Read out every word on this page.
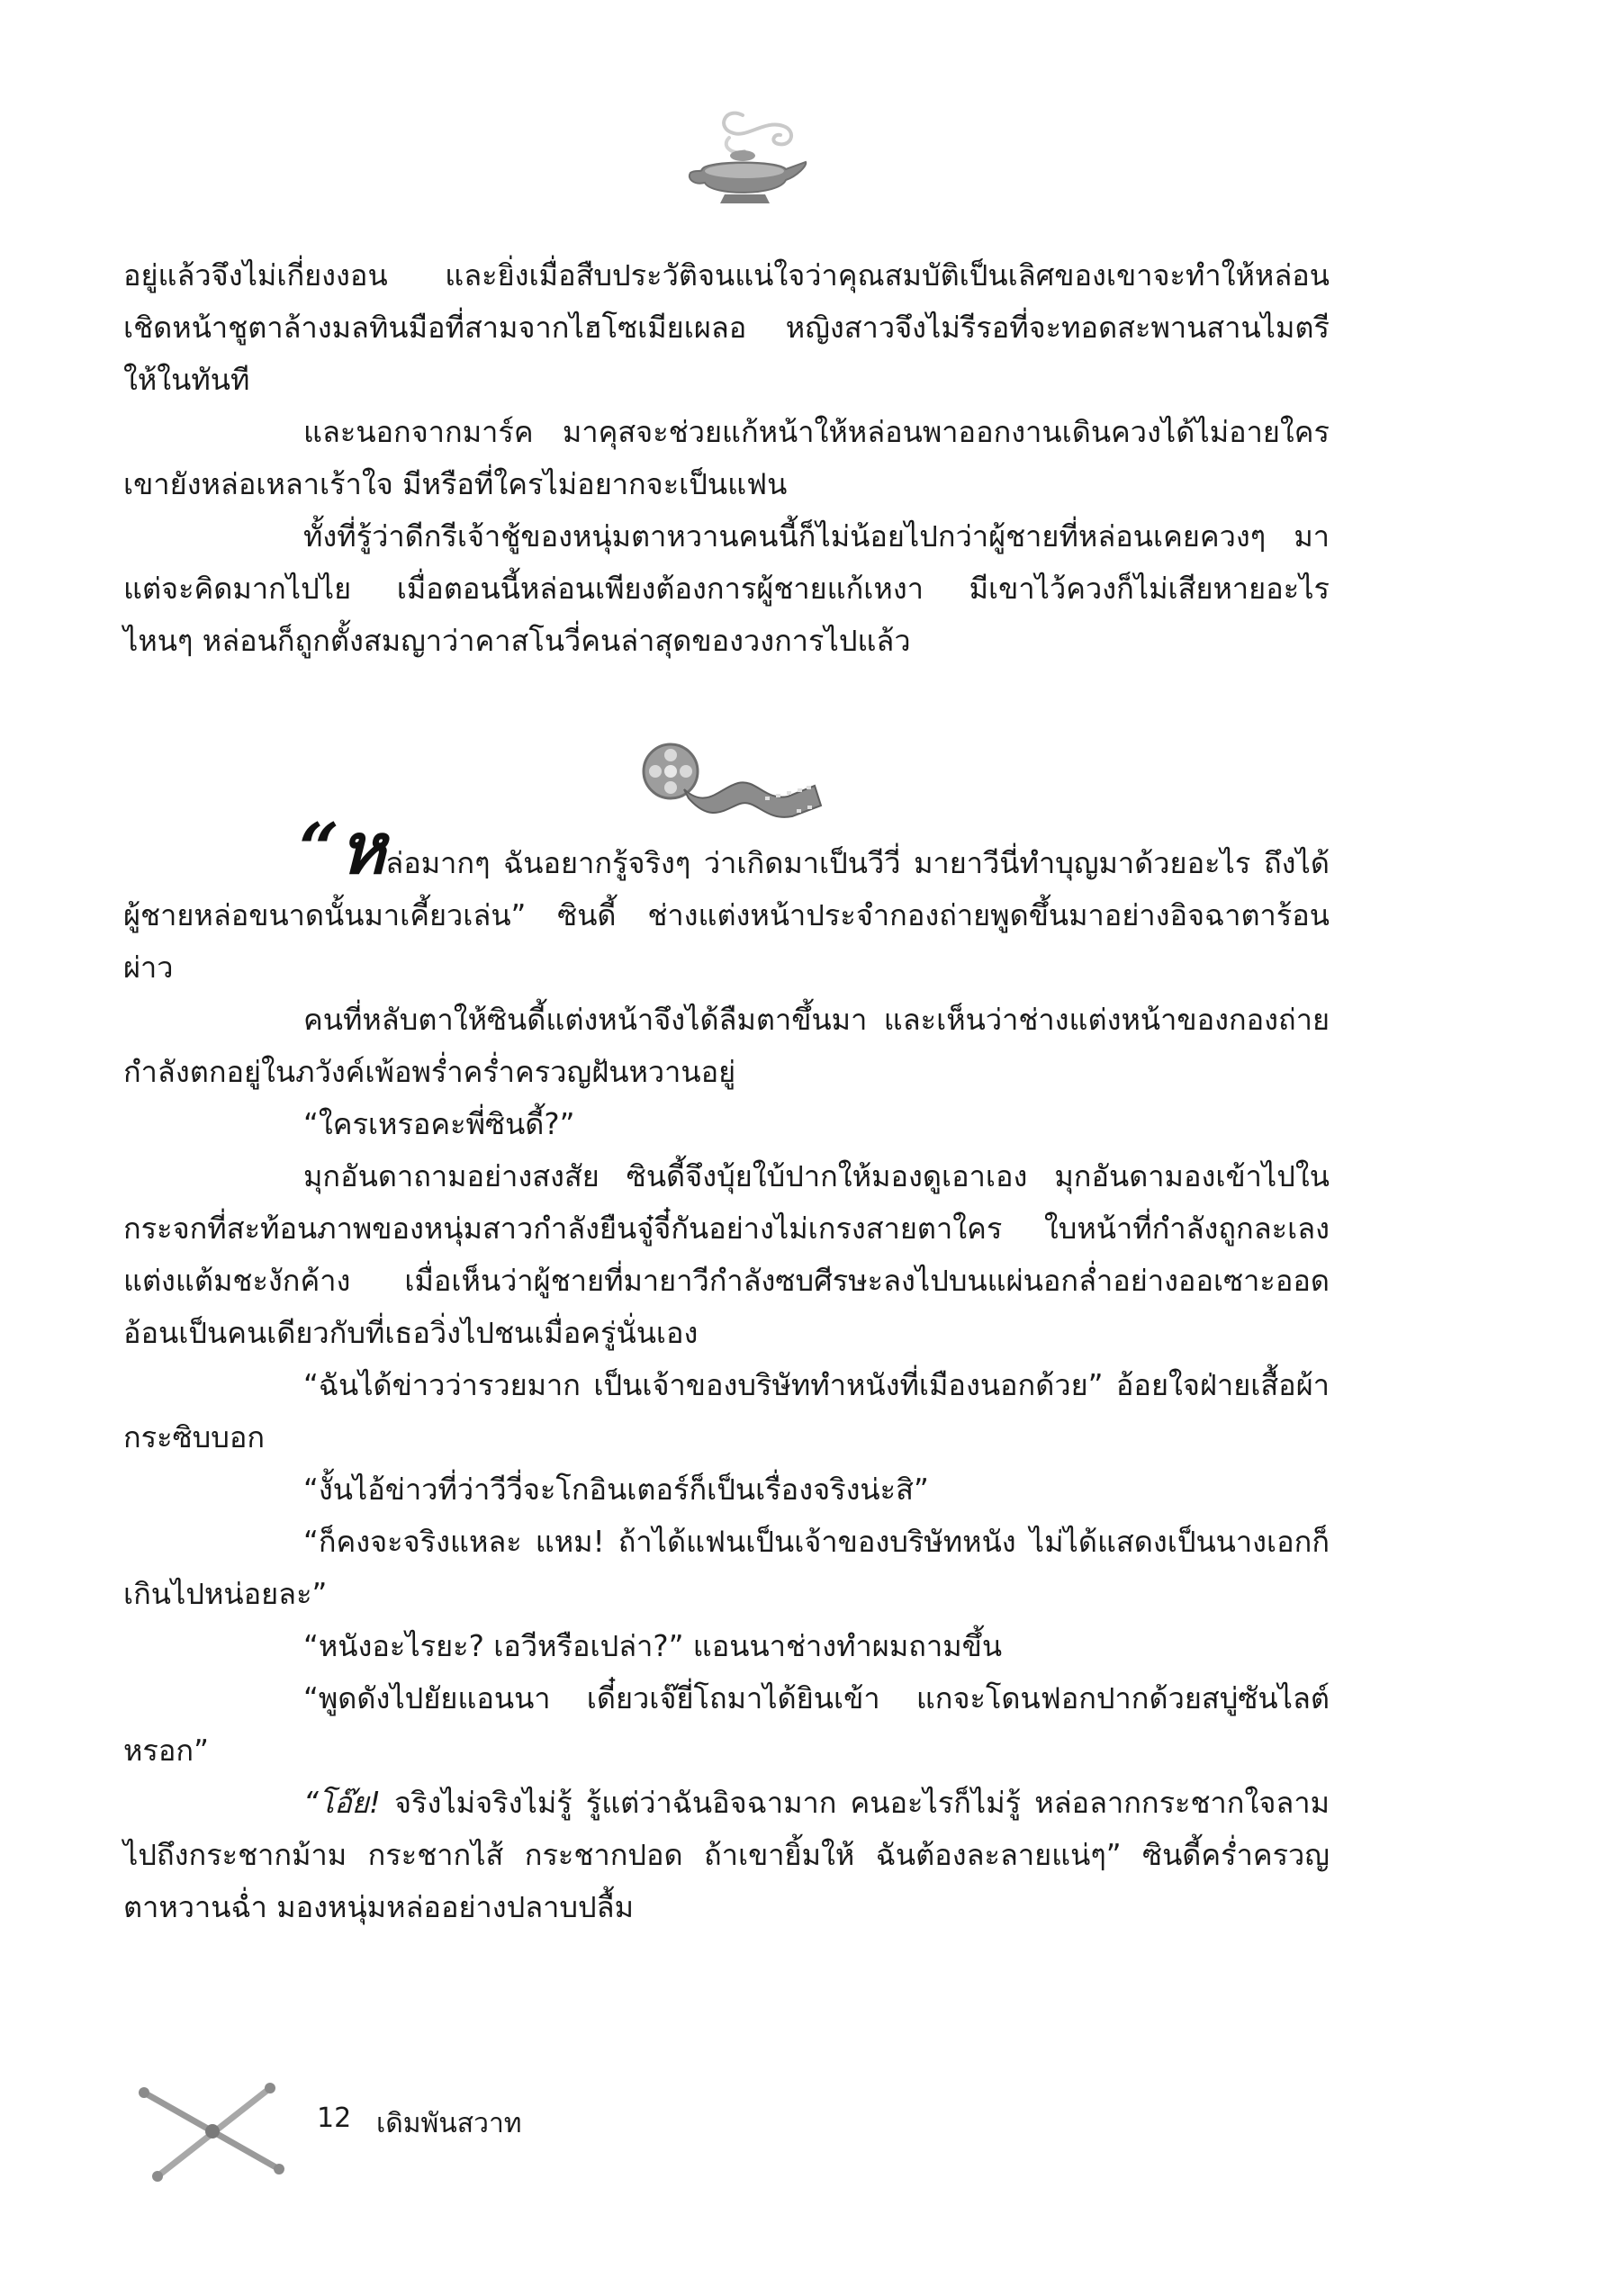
อยู่แล้วจึงไม่เกี่ยงงอน และยิ่งเมื่อสืบประวัติจนแน่ใจว่าคุณสมบัติเป็นเลิศของเขาจะทำให้หล่อนเชิดหน้าชูตาล้างมลทินมือที่สามจากไฮโซเมียเผลอ หญิงสาวจึงไม่รีรอที่จะทอดสะพานสานไมตรีให้ในทันที

และนอกจากมาร์ค มาคุสจะช่วยแก้หน้าให้หล่อนพาออกงานเดินควงได้ไม่อายใคร เขายังหล่อเหลาเร้าใจ มีหรือที่ใครไม่อยากจะเป็นแฟน

ทั้งที่รู้ว่าดีกรีเจ้าชู้ของหนุ่มตาหวานคนนี้ก็ไม่น้อยไปกว่าผู้ชายที่หล่อนเคยควงๆ มา แต่จะคิดมากไปไย เมื่อตอนนี้หล่อนเพียงต้องการผู้ชายแก้เหงา มีเขาไว้ควงก็ไม่เสียหายอะไร ไหนๆ หล่อนก็ถูกตั้งสมญาว่าคาสโนวี่คนล่าสุดของวงการไปแล้ว

“หล่อมากๆ ฉันอยากรู้จริงๆ ว่าเกิดมาเป็นวีวี่ มายาวีนี่ทำบุญมาด้วยอะไร ถึงได้ผู้ชายหล่อขนาดนั้นมาเคี้ยวเล่น” ซินดี้ ช่างแต่งหน้าประจำกองถ่ายพูดขึ้นมาอย่างอิจฉาตาร้อนผ่าว

คนที่หลับตาให้ซินดี้แต่งหน้าจึงได้ลืมตาขึ้นมา และเห็นว่าช่างแต่งหน้าของกองถ่ายกำลังตกอยู่ในภวังค์เพ้อพร่ำคร่ำครวญฝันหวานอยู่

“ใครเหรอคะพี่ซินดี้?”

มุกอันดาถามอย่างสงสัย ซินดี้จึงบุ้ยใบ้ปากให้มองดูเอาเอง มุกอันดามองเข้าไปในกระจกที่สะท้อนภาพของหนุ่มสาวกำลังยืนจู๋จี๋กันอย่างไม่เกรงสายตาใคร ใบหน้าที่กำลังถูกละเลงแต่งแต้มชะงักค้าง เมื่อเห็นว่าผู้ชายที่มายาวีกำลังซบศีรษะลงไปบนแผ่นอกล่ำอย่างออเซาะออดอ้อนเป็นคนเดียวกับที่เธอวิ่งไปชนเมื่อครู่นั่นเอง

“ฉันได้ข่าวว่ารวยมาก เป็นเจ้าของบริษัททำหนังที่เมืองนอกด้วย” อ้อยใจฝ่ายเสื้อผ้ากระซิบบอก

“งั้นไอ้ข่าวที่ว่าวีวี่จะโกอินเตอร์ก็เป็นเรื่องจริงน่ะสิ”

“ก็คงจะจริงแหละ แหม! ถ้าได้แฟนเป็นเจ้าของบริษัทหนัง ไม่ได้แสดงเป็นนางเอกก็เกินไปหน่อยละ”

“หนังอะไรยะ? เอวีหรือเปล่า?” แอนนาช่างทำผมถามขึ้น

“พูดดังไปยัยแอนนา เดี๋ยวเจ๊ยี่โถมาได้ยินเข้า แกจะโดนฟอกปากด้วยสบู่ซันไลต์หรอก”

“โอ๊ย! จริงไม่จริงไม่รู้ รู้แต่ว่าฉันอิจฉามาก คนอะไรก็ไม่รู้ หล่อลากกระชากใจลามไปถึงกระชากม้าม กระชากไส้ กระชากปอด ถ้าเขายิ้มให้ ฉันต้องละลายแน่ๆ” ซินดี้คร่ำครวญตาหวานฉ่ำ มองหนุ่มหล่ออย่างปลาบปลื้ม

12 เดิมพันสวาท
